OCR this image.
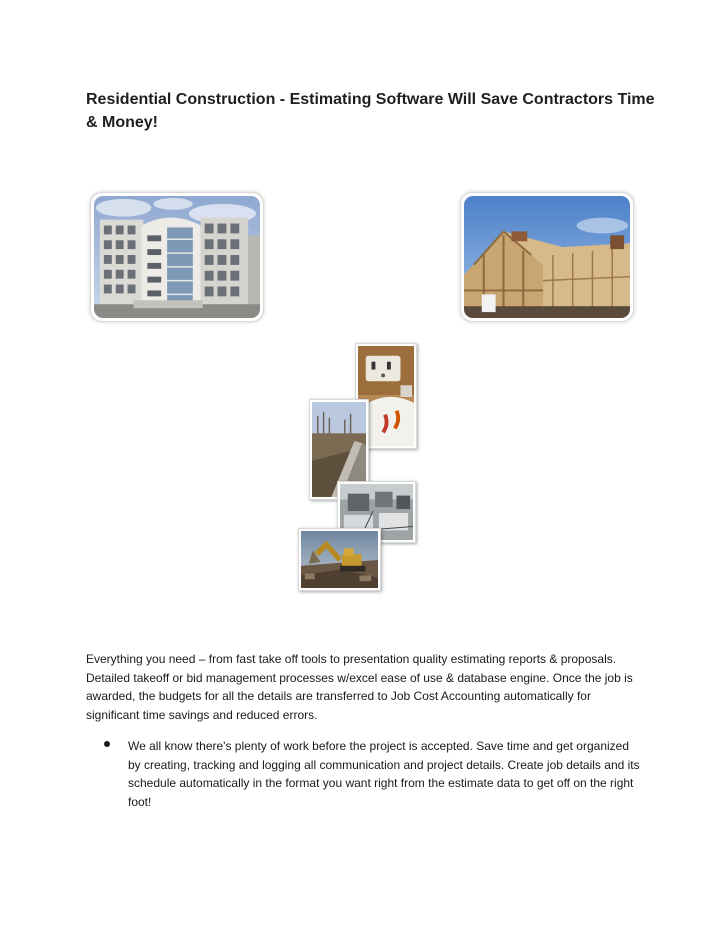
Residential Construction - Estimating Software Will Save Contractors Time & Money!

Everything you need – from fast take off tools to presentation quality estimating reports & proposals. Detailed takeoff or bid management processes w/excel ease of use & database engine. Once the job is awarded, the budgets for all the details are transferred to Job Cost Accounting automatically for significant time savings and reduced errors.

We all know there's plenty of work before the project is accepted. Save time and get organized by creating, tracking and logging all communication and project details. Create job details and its schedule automatically in the format you want right from the estimate data to get off on the right foot!
